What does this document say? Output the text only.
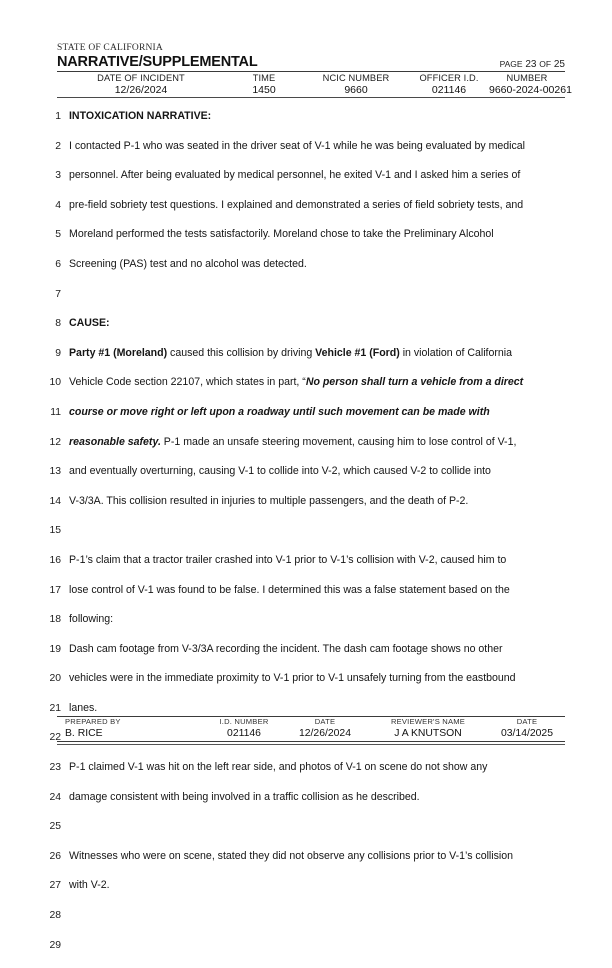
STATE OF CALIFORNIA
NARRATIVE/SUPPLEMENTAL	PAGE 23 OF 25
DATE OF INCIDENT	TIME	NCIC NUMBER	OFFICER I.D.	NUMBER

12/26/2024	1450	9660	021146	9660-2024-00261
1 INTOXICATION NARRATIVE:
2 I contacted P-1 who was seated in the driver seat of V-1 while he was being evaluated by medical
3 personnel. After being evaluated by medical personnel, he exited V-1 and I asked him a series of
4 pre-field sobriety test questions. I explained and demonstrated a series of field sobriety tests, and
5 Moreland performed the tests satisfactorily. Moreland chose to take the Preliminary Alcohol
6 Screening (PAS) test and no alcohol was detected.
7
8 CAUSE:
9 Party #1 (Moreland) caused this collision by driving Vehicle #1 (Ford) in violation of California
10 Vehicle Code section 22107, which states in part, “No person shall turn a vehicle from a direct
11 course or move right or left upon a roadway until such movement can be made with
12 reasonable safety. P-1 made an unsafe steering movement, causing him to lose control of V-1,
13 and eventually overturning, causing V-1 to collide into V-2, which caused V-2 to collide into
14 V-3/3A. This collision resulted in injuries to multiple passengers, and the death of P-2.
15
16 P-1’s claim that a tractor trailer crashed into V-1 prior to V-1’s collision with V-2, caused him to
17 lose control of V-1 was found to be false. I determined this was a false statement based on the
18 following:
19 Dash cam footage from V-3/3A recording the incident. The dash cam footage shows no other
20 vehicles were in the immediate proximity to V-1 prior to V-1 unsafely turning from the eastbound
21 lanes.
22
23 P-1 claimed V-1 was hit on the left rear side, and photos of V-1 on scene do not show any
24 damage consistent with being involved in a traffic collision as he described.
25
26 Witnesses who were on scene, stated they did not observe any collisions prior to V-1’s collision
27 with V-2.
28
29
PREPARED BY	I.D. NUMBER	DATE	REVIEWER'S NAME	DATE

B. RICE	021146	12/26/2024	J A KNUTSON	03/14/2025
